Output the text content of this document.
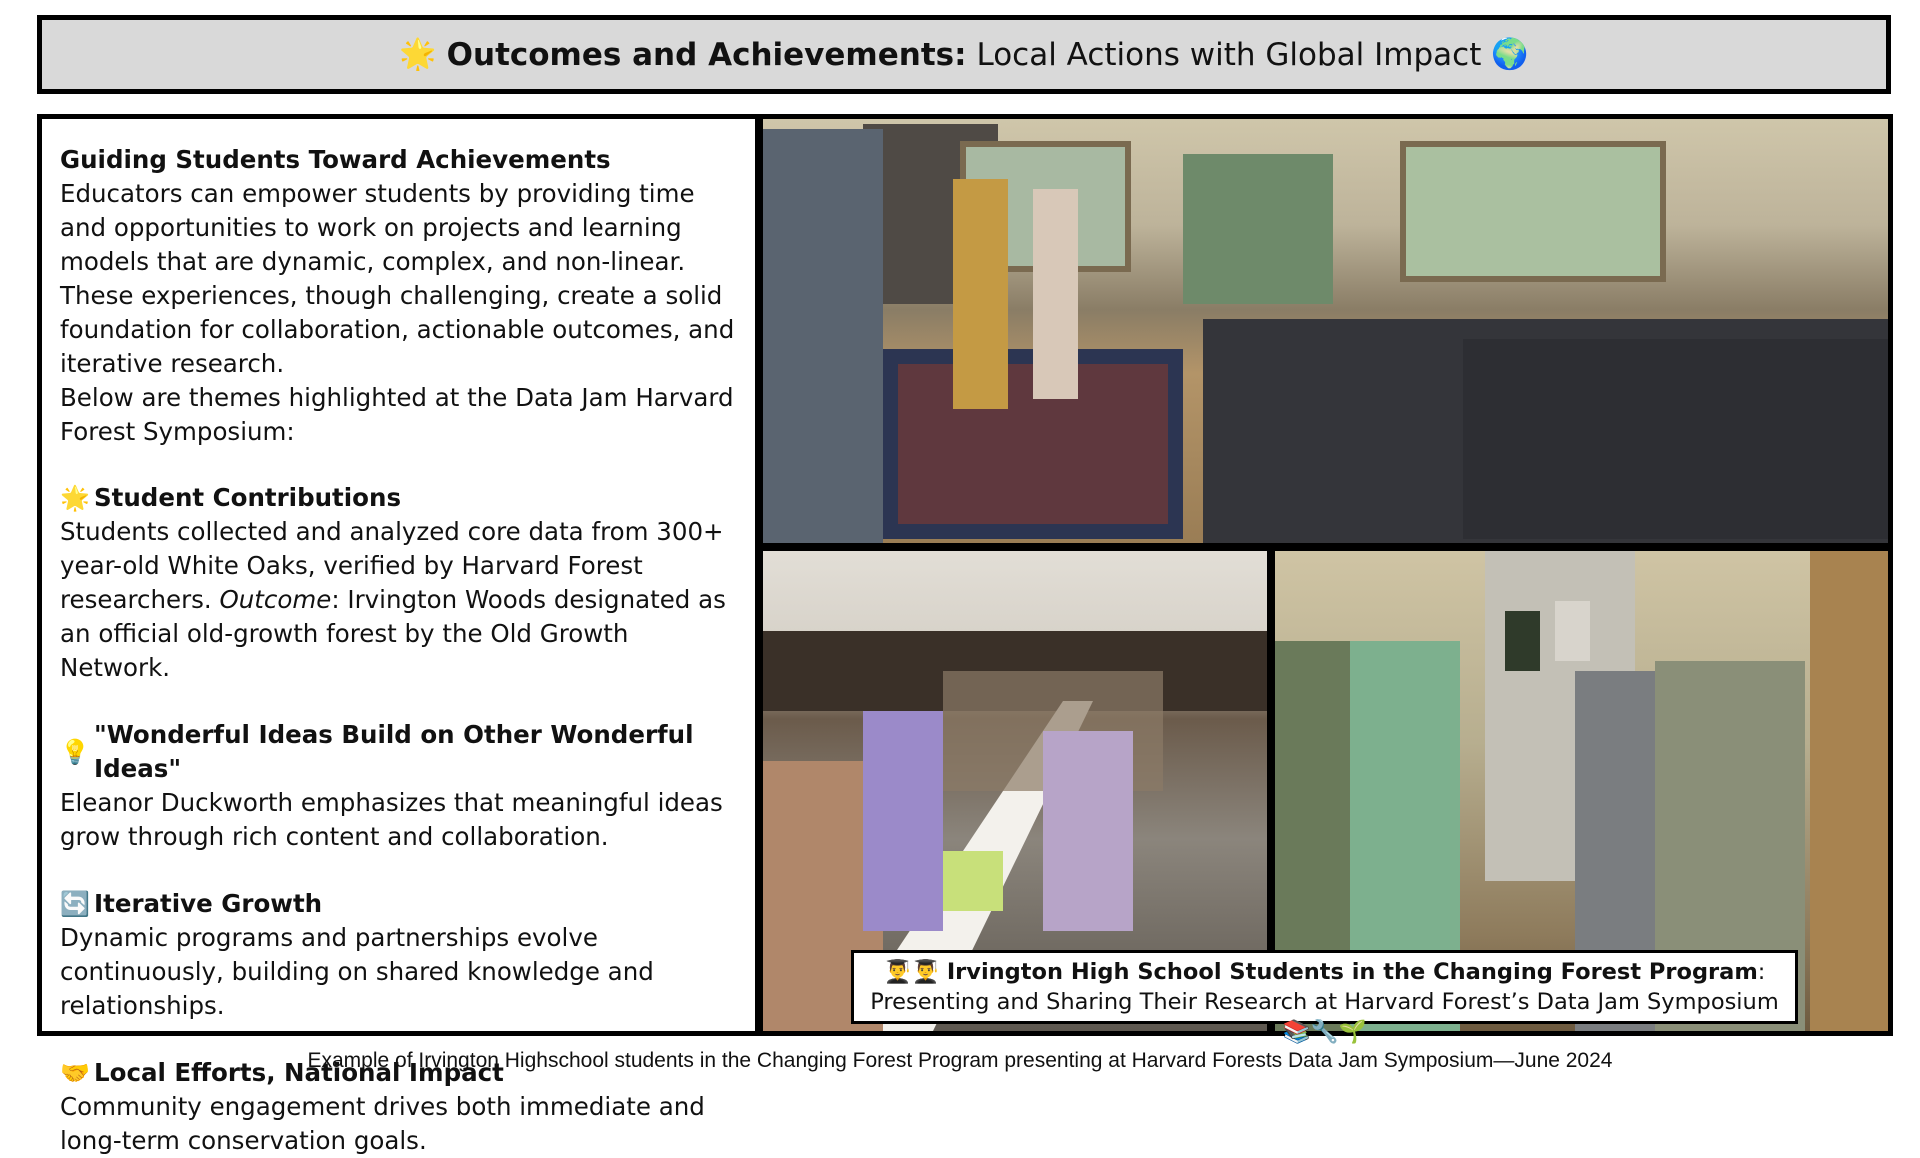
🌟 Outcomes and Achievements: Local Actions with Global Impact 🌍

Guiding Students Toward Achievements

Educators can empower students by providing time and opportunities to work on projects and learning models that are dynamic, complex, and non-linear. These experiences, though challenging, create a solid foundation for collaboration, actionable outcomes, and iterative research.

Below are themes highlighted at the Data Jam Harvard Forest Symposium:

🌟 Student Contributions

Students collected and analyzed core data from 300+ year-old White Oaks, verified by Harvard Forest researchers. Outcome: Irvington Woods designated as an official old-growth forest by the Old Growth Network.

💡
"Wonderful Ideas Build on Other Wonderful Ideas"

Eleanor Duckworth emphasizes that meaningful ideas grow through rich content and collaboration.

🔄 Iterative Growth

Dynamic programs and partnerships evolve continuously, building on shared knowledge and relationships.

🤝 Local Efforts, National Impact

Community engagement drives both immediate and long-term conservation goals.

👨‍🎓👨‍🎓 Irvington High School Students in the Changing Forest Program: Presenting and Sharing Their Research at Harvard Forest’s Data Jam Symposium 📚🔧🌱
Example of Irvington Highschool students in the Changing Forest Program presenting at Harvard Forests Data Jam Symposium—June 2024
